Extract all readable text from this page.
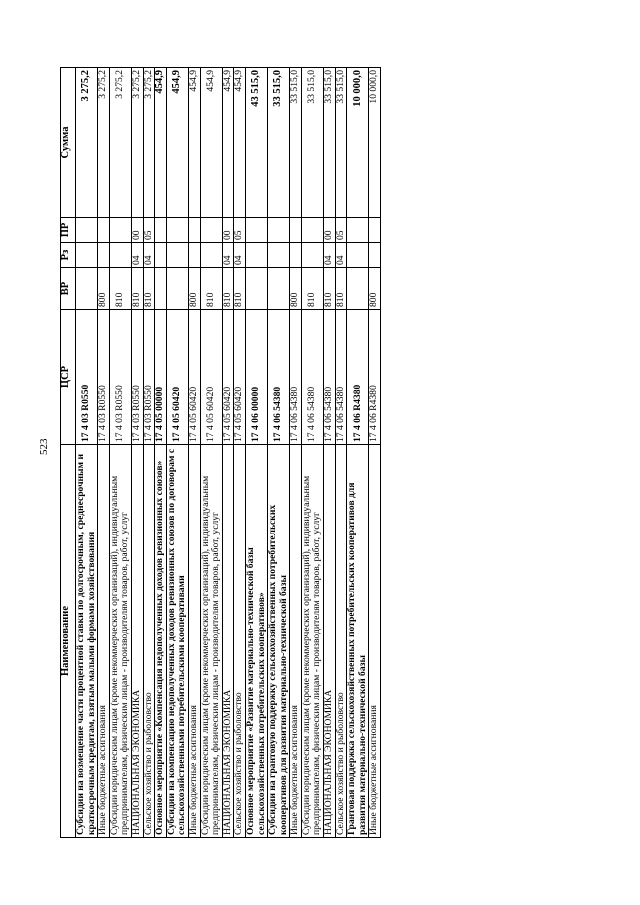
523
Наименование	ЦСР	ВР	Рз	ПР	Сумма
Субсидии на возмещение части процентной ставки по долгосрочным, среднесрочным и краткосрочным кредитам, взятым малыми формами хозяйствования	17 4 03 R0550				3 275,2
Иные бюджетные ассигнования	17 4 03 R0550	800			3 275,2
Субсидии юридическим лицам (кроме некоммерческих организаций), индивидуальным предпринимателям, физическим лицам - производителям товаров, работ, услуг	17 4 03 R0550	810			3 275,2
НАЦИОНАЛЬНАЯ ЭКОНОМИКА	17 4 03 R0550	810	04	00	3 275,2
Сельское хозяйство и рыболовство	17 4 03 R0550	810	04	05	3 275,2
Основное мероприятие «Компенсация недополученных доходов ревизионных союзов»	17 4 05 00000				454,9
Субсидии на компенсацию недополученных доходов ревизионных союзов по договорам с сельскохозяйственными потребительскими кооперативами	17 4 05 60420				454,9
Иные бюджетные ассигнования	17 4 05 60420	800			454,9
Субсидии юридическим лицам (кроме некоммерческих организаций), индивидуальным предпринимателям, физическим лицам - производителям товаров, работ, услуг	17 4 05 60420	810			454,9
НАЦИОНАЛЬНАЯ ЭКОНОМИКА	17 4 05 60420	810	04	00	454,9
Сельское хозяйство и рыболовство	17 4 05 60420	810	04	05	454,9
Основное мероприятие «Развитие материально-технической базы сельскохозяйственных потребительских кооперативов»	17 4 06 00000				43 515,0
Субсидии на грантовую поддержку сельскохозяйственных потребительских кооперативов для развития материально-технической базы	17 4 06 54380				33 515,0
Иные бюджетные ассигнования	17 4 06 54380	800			33 515,0
Субсидии юридическим лицам (кроме некоммерческих организаций), индивидуальным предпринимателям, физическим лицам - производителям товаров, работ, услуг	17 4 06 54380	810			33 515,0
НАЦИОНАЛЬНАЯ ЭКОНОМИКА	17 4 06 54380	810	04	00	33 515,0
Сельское хозяйство и рыболовство	17 4 06 54380	810	04	05	33 515,0
Грантовая поддержка сельскохозяйственных потребительских кооперативов для развития материально-технической базы	17 4 06 R4380				10 000,0
Иные бюджетные ассигнования	17 4 06 R4380	800			10 000,0
